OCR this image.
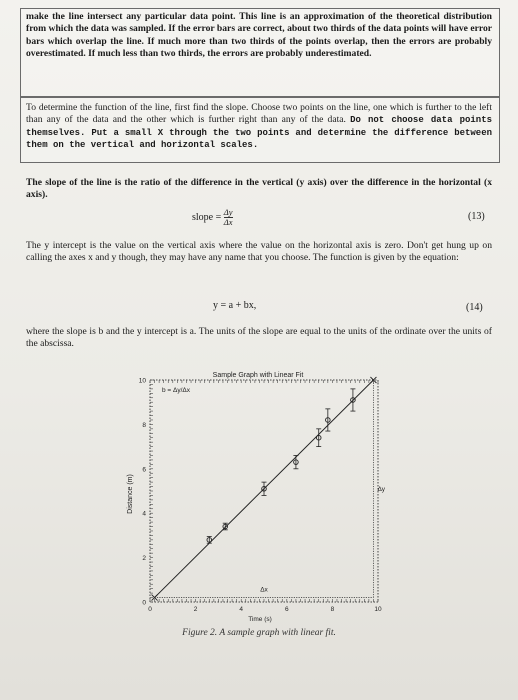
make the line intersect any particular data point. This line is an approximation of the theoretical distribution from which the data was sampled. If the error bars are correct, about two thirds of the data points will have error bars which overlap the line. If much more than two thirds of the points overlap, then the errors are probably overestimated. If much less than two thirds, the errors are probably underestimated.

To determine the function of the line, first find the slope. Choose two points on the line, one which is further to the left than any of the data and the other which is further right than any of the data. Do not choose data points themselves. Put a small X through the two points and determine the difference between them on the vertical and horizontal scales.

The slope of the line is the ratio of the difference in the vertical (y axis) over the difference in the horizontal (x axis).

slope = $\frac{\Delta y}{\Delta x}$	(13)

The y intercept is the value on the vertical axis where the value on the horizontal axis is zero. Don't get hung up on calling the axes x and y though, they may have any name that you choose. The function is given by the equation:

y = a + bx,	(14)

where the slope is b and the y intercept is a. The units of the slope are equal to the units of the ordinate over the units of the abscissa.

Sample Graph with Linear Fit
Distance (m)
Time (s)
0	2	4	6	8	10
0
2
4
6
8
10
b = Δy/Δx
Δy
Δx
Figure 2. A sample graph with linear fit.
